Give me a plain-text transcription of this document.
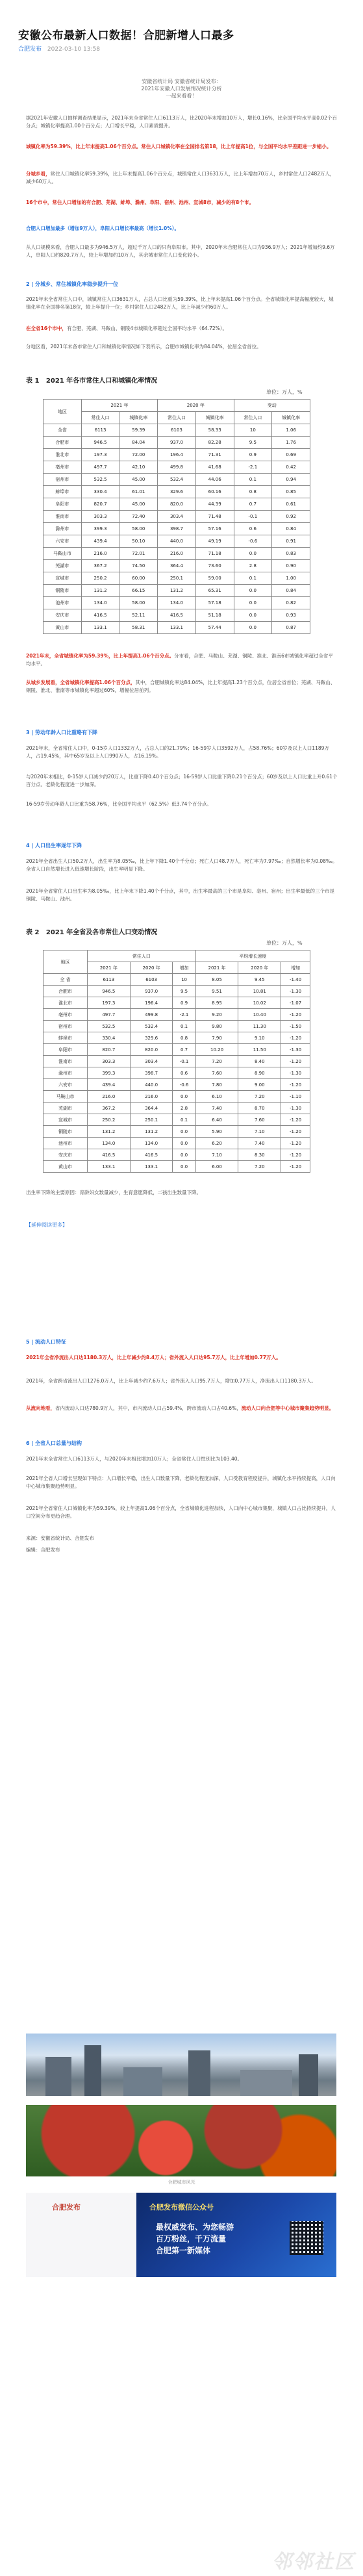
安徽公布最新人口数据！合肥新增人口最多
合肥发布 2022-03-10 13:58
安徽省统计局 安徽省统计局发布：
2021年安徽人口发展情况统计分析
一起来看看！
据2021年安徽人口抽样调查结果显示，2021年末全省常住人口6113万人，比2020年末增加10万人，增长0.16%，比全国平均水平高0.02个百分点；城镇化率提高1.00个百分点；人口增长平稳，人口素质提升。
城镇化率为59.39%，比上年末提高1.06个百分点。常住人口城镇化率在全国排名第18，比上年提高1位，与全国平均水平差距进一步缩小。
分城乡看，常住人口城镇化率59.39%，比上年末提高1.06个百分点，城镇常住人口3631万人，比上年增加70万人，乡村常住人口2482万人，减少60万人。
16个市中，常住人口增加的有合肥、芜湖、蚌埠、滁州、阜阳、宿州、池州、宣城8市，减少的有8个市。
合肥人口增加最多（增加9万人），阜阳人口增长率最高（增长1.0%）。
从人口规模来看，合肥人口最多为946.5万人，超过千万人口的只有阜阳市。其中，2020年末合肥常住人口为936.9万人；2021年增加约9.6万人，阜阳人口约820.7万人，较上年增加约10万人，其余城市常住人口变化较小。
2 | 分城乡、常住城镇化率稳步提升一位
2021年末全省常住人口中，城镇常住人口3631万人，占总人口比重为59.39%，比上年末提高1.06个百分点。全省城镇化率提高幅度较大，城镇化率在全国排名第18位，较上年提升一位；乡村常住人口2482万人，比上年减少约60万人。
在全省16个市中，有合肥、芜湖、马鞍山、铜陵4市城镇化率超过全国平均水平（64.72%）。
分地区看，2021年末各市常住人口和城镇化率情况如下表所示，合肥市城镇化率为84.04%，位居全省首位。
表 1 2021 年各市常住人口和城镇化率情况
单位：万人，%
地区	2021 年		2020 年		变动	
	常住人口	城镇化率	常住人口	城镇化率	常住人口	城镇化率
全省	6113	59.39	6103	58.33	10	1.06
合肥市	946.5	84.04	937.0	82.28	9.5	1.76
淮北市	197.3	72.00	196.4	71.31	0.9	0.69
亳州市	497.7	42.10	499.8	41.68	-2.1	0.42
宿州市	532.5	45.00	532.4	44.06	0.1	0.94
蚌埠市	330.4	61.01	329.6	60.16	0.8	0.85
阜阳市	820.7	45.00	820.0	44.39	0.7	0.61
淮南市	303.3	72.40	303.4	71.48	-0.1	0.92
滁州市	399.3	58.00	398.7	57.16	0.6	0.84
六安市	439.4	50.10	440.0	49.19	-0.6	0.91
马鞍山市	216.0	72.01	216.0	71.18	0.0	0.83
芜湖市	367.2	74.50	364.4	73.60	2.8	0.90
宣城市	250.2	60.00	250.1	59.00	0.1	1.00
铜陵市	131.2	66.15	131.2	65.31	0.0	0.84
池州市	134.0	58.00	134.0	57.18	0.0	0.82
安庆市	416.5	52.11	416.5	51.18	0.0	0.93
黄山市	133.1	58.31	133.1	57.44	0.0	0.87
2021年末，全省城镇化率为59.39%，比上年提高1.06个百分点。分市看，合肥、马鞍山、芜湖、铜陵、淮北、淮南6市城镇化率超过全省平均水平。
从城乡发展看，全省城镇化率提高1.06个百分点，其中，合肥城镇化率达84.04%，比上年提高1.23个百分点，位居全省首位；芜湖、马鞍山、铜陵、淮北、淮南等市城镇化率超过60%，增幅位居前列。
3 | 劳动年龄人口比重略有下降
2021年末，全省常住人口中，0-15岁人口1332万人，占总人口的21.79%；16-59岁人口3592万人，占58.76%；60岁及以上人口1189万人，占19.45%，其中65岁及以上人口990万人，占16.19%。
与2020年末相比，0-15岁人口减少约20万人，比重下降0.40个百分点；16-59岁人口比重下降0.21个百分点；60岁及以上人口比重上升0.61个百分点。老龄化程度进一步加深。
16-59岁劳动年龄人口比重为58.76%，比全国平均水平（62.5%）低3.74个百分点。
4 | 人口出生率逐年下降
2021年全省出生人口50.2万人，出生率为8.05‰，比上年下降1.40个千分点；死亡人口48.7万人，死亡率为7.97‰；自然增长率为0.08‰。全省人口自然增长进入低速增长阶段，出生率明显下降。
2021年全省常住人口出生率为8.05‰，比上年末下降1.40个千分点，其中，出生率最高的三个市是阜阳、亳州、宿州；出生率最低的三个市是铜陵、马鞍山、池州。
表 2 2021 年全省及各市常住人口变动情况
单位：万人，%
地区	常住人口			平均增长速度		
	2021 年	2020 年	增加	2021 年	2020 年	增加
全 省	6113	6103	10	8.05	9.45	-1.40
合肥市	946.5	937.0	9.5	9.51	10.81	-1.30
淮北市	197.3	196.4	0.9	8.95	10.02	-1.07
亳州市	497.7	499.8	-2.1	9.20	10.40	-1.20
宿州市	532.5	532.4	0.1	9.80	11.30	-1.50
蚌埠市	330.4	329.6	0.8	7.90	9.10	-1.20
阜阳市	820.7	820.0	0.7	10.20	11.50	-1.30
淮南市	303.3	303.4	-0.1	7.20	8.40	-1.20
滁州市	399.3	398.7	0.6	7.60	8.90	-1.30
六安市	439.4	440.0	-0.6	7.80	9.00	-1.20
马鞍山市	216.0	216.0	0.0	6.10	7.20	-1.10
芜湖市	367.2	364.4	2.8	7.40	8.70	-1.30
宣城市	250.2	250.1	0.1	6.40	7.60	-1.20
铜陵市	131.2	131.2	0.0	5.90	7.10	-1.20
池州市	134.0	134.0	0.0	6.20	7.40	-1.20
安庆市	416.5	416.5	0.0	7.10	8.30	-1.20
黄山市	133.1	133.1	0.0	6.00	7.20	-1.20
出生率下降的主要原因：育龄妇女数量减少，生育意愿降低，二孩出生数量下降。
【延伸阅读更多】
5 | 流动人口特征
2021年全省净流出人口达1180.3万人，比上年减少约8.4万人；省外流入人口达95.7万人，比上年增加0.77万人。
2021年，全省跨省流出人口1276.0万人，比上年减少约7.6万人；省外流入人口95.7万人，增加0.77万人，净流出人口1180.3万人。
从流向地看，省内流动人口达780.9万人，其中，市内流动人口占59.4%，跨市流动人口占40.6%，流动人口向合肥等中心城市聚集趋势明显。
6 | 全省人口总量与结构
2021年末全省常住人口6113万人，与2020年末相比增加10万人；全省常住人口性别比为103.40。
2021年全省人口增长呈现如下特点：人口增长平稳，出生人口数量下降，老龄化程度加深，人口受教育程度提升，城镇化水平持续提高，人口向中心城市集聚趋势明显。
2021年全省常住人口城镇化率为59.39%，较上年提高1.06个百分点，全省城镇化进程加快，人口向中心城市集聚，城镇人口占比持续提升，人口空间分布更趋合理。
来源：安徽省统计局、合肥发布
编辑：合肥发布
合肥城市风光
合肥发布	合肥发布微信公众号
最权威发布、为您畅游
百万粉丝，千万流量
合肥第一新媒体
邻邻社区
